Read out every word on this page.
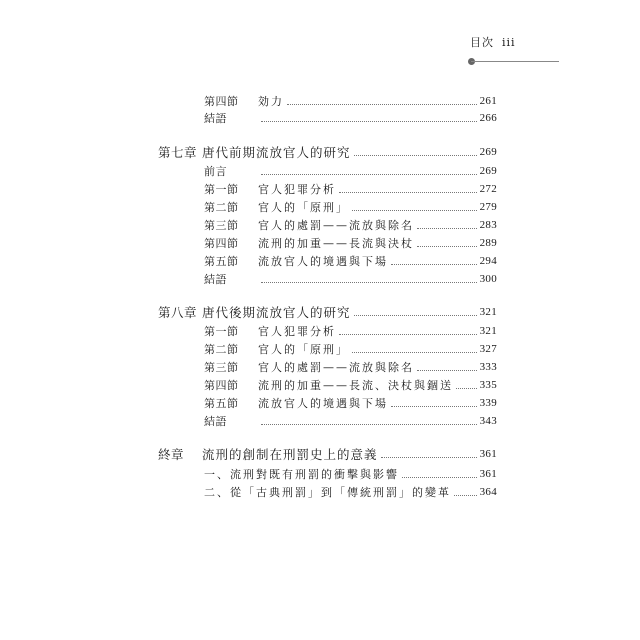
目次 iii
第四節	効力	261
結語	266
第七章 唐代前期流放官人的研究	269
前言	269
第一節	官人犯罪分析	272
第二節	官人的「原刑」	279
第三節	官人的處罰——流放與除名	283
第四節	流刑的加重——長流與決杖	289
第五節	流放官人的境遇與下場	294
結語	300
第八章 唐代後期流放官人的研究	321
第一節	官人犯罪分析	321
第二節	官人的「原刑」	327
第三節	官人的處罰——流放與除名	333
第四節	流刑的加重——長流、決杖與錮送 335
第五節	流放官人的境遇與下場	339
結語	343
終章	流刑的創制在刑罰史上的意義	361
一、流刑對既有刑罰的衝擊與影響	361
二、從「古典刑罰」到「傳統刑罰」的變革	364
